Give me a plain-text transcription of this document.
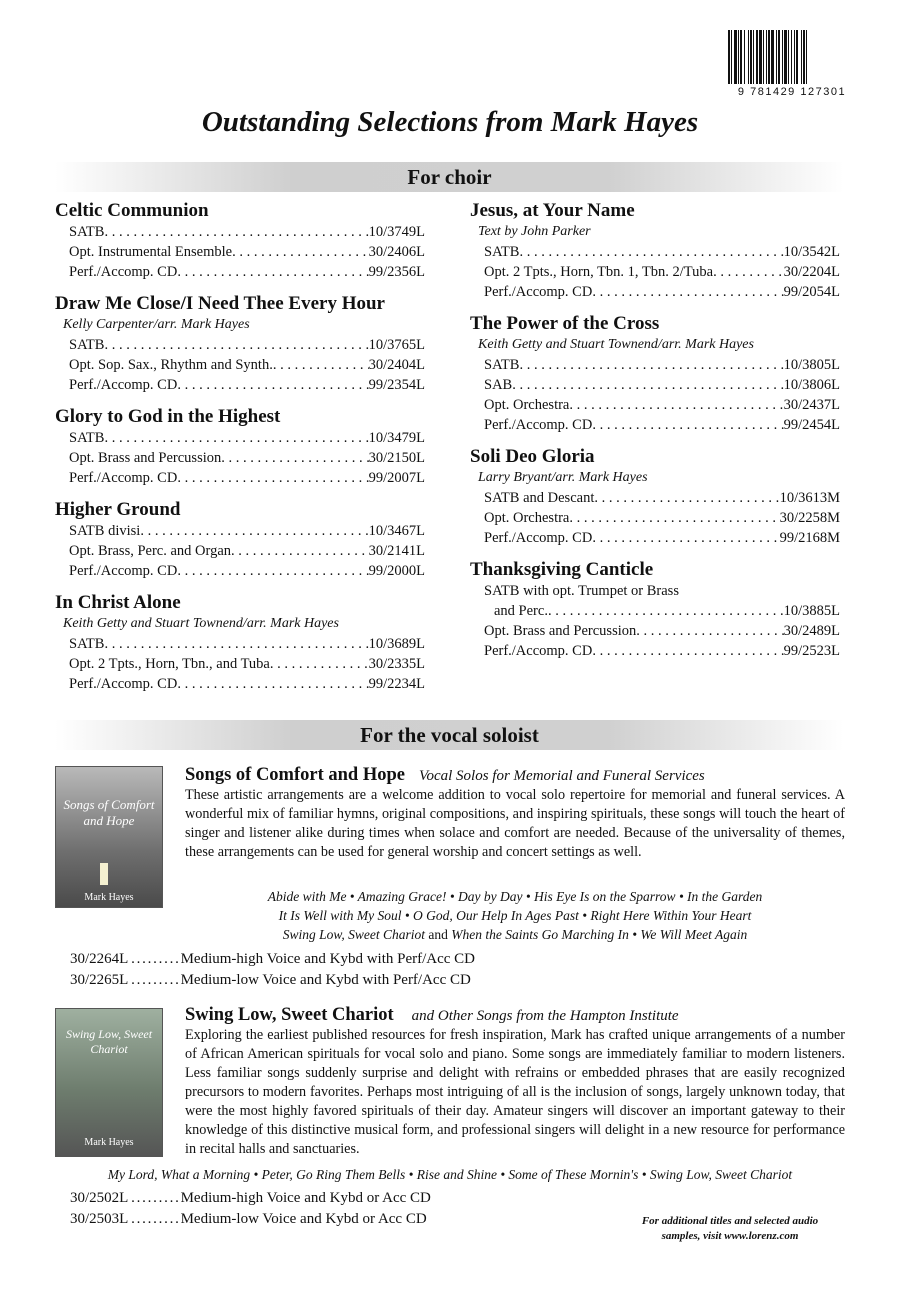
9 781429 127301
Outstanding Selections from Mark Hayes
For choir
Celtic Communion
SATB . . .	10/3749L
Opt. Instrumental Ensemble . . .	30/2406L
Perf./Accomp. CD . . .	99/2356L
Draw Me Close/I Need Thee Every Hour
Kelly Carpenter/arr. Mark Hayes
SATB . . .	10/3765L
Opt. Sop. Sax., Rhythm and Synth. . . .	30/2404L
Perf./Accomp. CD . . .	99/2354L
Glory to God in the Highest
SATB . . .	10/3479L
Opt. Brass and Percussion . . .	30/2150L
Perf./Accomp. CD . . .	99/2007L
Higher Ground
SATB divisi . . .	10/3467L
Opt. Brass, Perc. and Organ . . .	30/2141L
Perf./Accomp. CD . . .	99/2000L
In Christ Alone
Keith Getty and Stuart Townend/arr. Mark Hayes
SATB . . .	10/3689L
Opt. 2 Tpts., Horn, Tbn., and Tuba . . .	30/2335L
Perf./Accomp. CD . . .	99/2234L
Jesus, at Your Name
Text by John Parker
SATB . . .	10/3542L
Opt. 2 Tpts., Horn, Tbn. 1, Tbn. 2/Tuba . . .	30/2204L
Perf./Accomp. CD . . .	99/2054L
The Power of the Cross
Keith Getty and Stuart Townend/arr. Mark Hayes
SATB . . .	10/3805L
SAB . . .	10/3806L
Opt. Orchestra . . .	30/2437L
Perf./Accomp. CD . . .	99/2454L
Soli Deo Gloria
Larry Bryant/arr. Mark Hayes
SATB and Descant . . .	10/3613M
Opt. Orchestra . . .	30/2258M
Perf./Accomp. CD . . .	99/2168M
Thanksgiving Canticle
SATB with opt. Trumpet or Brass
and Perc. . . .	10/3885L
Opt. Brass and Percussion . . .	30/2489L
Perf./Accomp. CD . . .	99/2523L
For the vocal soloist
Songs of Comfort and Hope
Mark Hayes
Songs of Comfort and Hope Vocal Solos for Memorial and Funeral Services
These artistic arrangements are a welcome addition to vocal solo repertoire for memorial and funeral services. A wonderful mix of familiar hymns, original compositions, and inspiring spirituals, these songs will touch the heart of singer and listener alike during times when solace and comfort are needed. Because of the universality of themes, these arrangements can be used for general worship and concert settings as well.
Abide with Me • Amazing Grace! • Day by Day • His Eye Is on the Sparrow • In the Garden
It Is Well with My Soul • O God, Our Help In Ages Past • Right Here Within Your Heart
Swing Low, Sweet Chariot and When the Saints Go Marching In • We Will Meet Again
30/2264L . . . . . . . . . Medium-high Voice and Kybd with Perf/Acc CD
30/2265L . . . . . . . . . Medium-low Voice and Kybd with Perf/Acc CD
Swing Low, Sweet Chariot
Mark Hayes
Swing Low, Sweet Chariot and Other Songs from the Hampton Institute
Exploring the earliest published resources for fresh inspiration, Mark has crafted unique arrangements of a number of African American spirituals for vocal solo and piano. Some songs are immediately familiar to modern listeners. Less familiar songs suddenly surprise and delight with refrains or embedded phrases that are easily recognized precursors to modern favorites. Perhaps most intriguing of all is the inclusion of songs, largely unknown today, that were the most highly favored spirituals of their day. Amateur singers will discover an important gateway to their knowledge of this distinctive musical form, and professional singers will delight in a new resource for performance in recital halls and sanctuaries.
My Lord, What a Morning • Peter, Go Ring Them Bells • Rise and Shine • Some of These Mornin's • Swing Low, Sweet Chariot
30/2502L . . . . . . . . . Medium-high Voice and Kybd or Acc CD
30/2503L . . . . . . . . . Medium-low Voice and Kybd or Acc CD	For additional titles and selected audio
samples, visit www.lorenz.com
